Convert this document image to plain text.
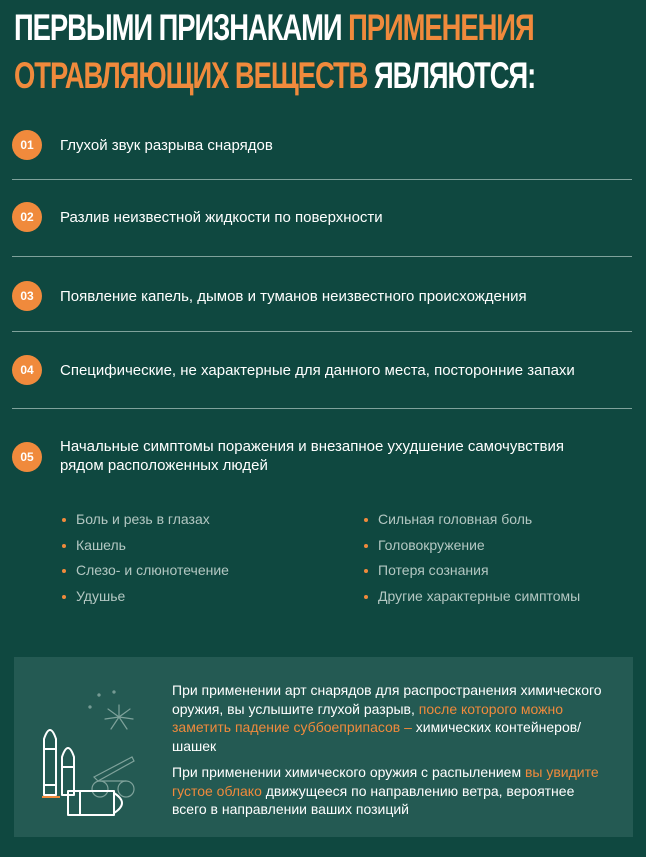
ПЕРВЫМИ ПРИЗНАКАМИ ПРИМЕНЕНИЯ
ОТРАВЛЯЮЩИХ ВЕЩЕСТВ ЯВЛЯЮТСЯ:
01	Глухой звук разрыва снарядов
02	Разлив неизвестной жидкости по поверхности
03	Появление капель, дымов и туманов неизвестного происхождения
04	Специфические, не характерные для данного места, посторонние запахи
05
Начальные симптомы поражения и внезапное ухудшение самочувствия рядом расположенных людей
Боль и резь в глазах
Кашель
Слезо- и слюнотечение
Удушье
Сильная головная боль
Головокружение
Потеря сознания
Другие характерные симптомы

При применении арт снарядов для распространения химического оружия, вы услышите глухой разрыв, после которого можно заметить падение суббоеприпасов – химических контейнеров/шашек

При применении химического оружия с распылением вы увидите густое облако движущееся по направлению ветра, вероятнее всего в направлении ваших позиций
